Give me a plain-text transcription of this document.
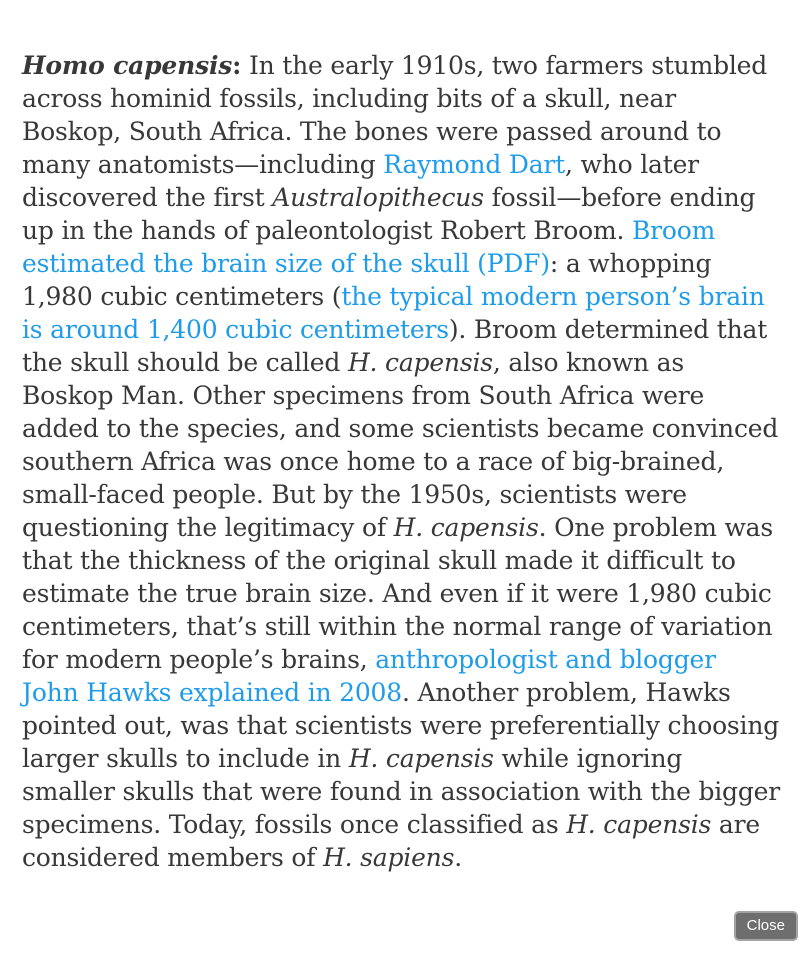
Homo capensis: In the early 1910s, two farmers stumbled across hominid fossils, including bits of a skull, near Boskop, South Africa. The bones were passed around to many anatomists—including Raymond Dart, who later discovered the first Australopithecus fossil—before ending up in the hands of paleontologist Robert Broom. Broom estimated the brain size of the skull (PDF): a whopping 1,980 cubic centimeters (the typical modern person’s brain is around 1,400 cubic centimeters). Broom determined that the skull should be called H. capensis, also known as Boskop Man. Other specimens from South Africa were added to the species, and some scientists became convinced southern Africa was once home to a race of big-brained, small-faced people. But by the 1950s, scientists were questioning the legitimacy of H. capensis. One problem was that the thickness of the original skull made it difficult to estimate the true brain size. And even if it were 1,980 cubic centimeters, that’s still within the normal range of variation for modern people’s brains, anthropologist and blogger John Hawks explained in 2008. Another problem, Hawks pointed out, was that scientists were preferentially choosing larger skulls to include in H. capensis while ignoring smaller skulls that were found in association with the bigger specimens. Today, fossils once classified as H. capensis are considered members of H. sapiens.

Close
